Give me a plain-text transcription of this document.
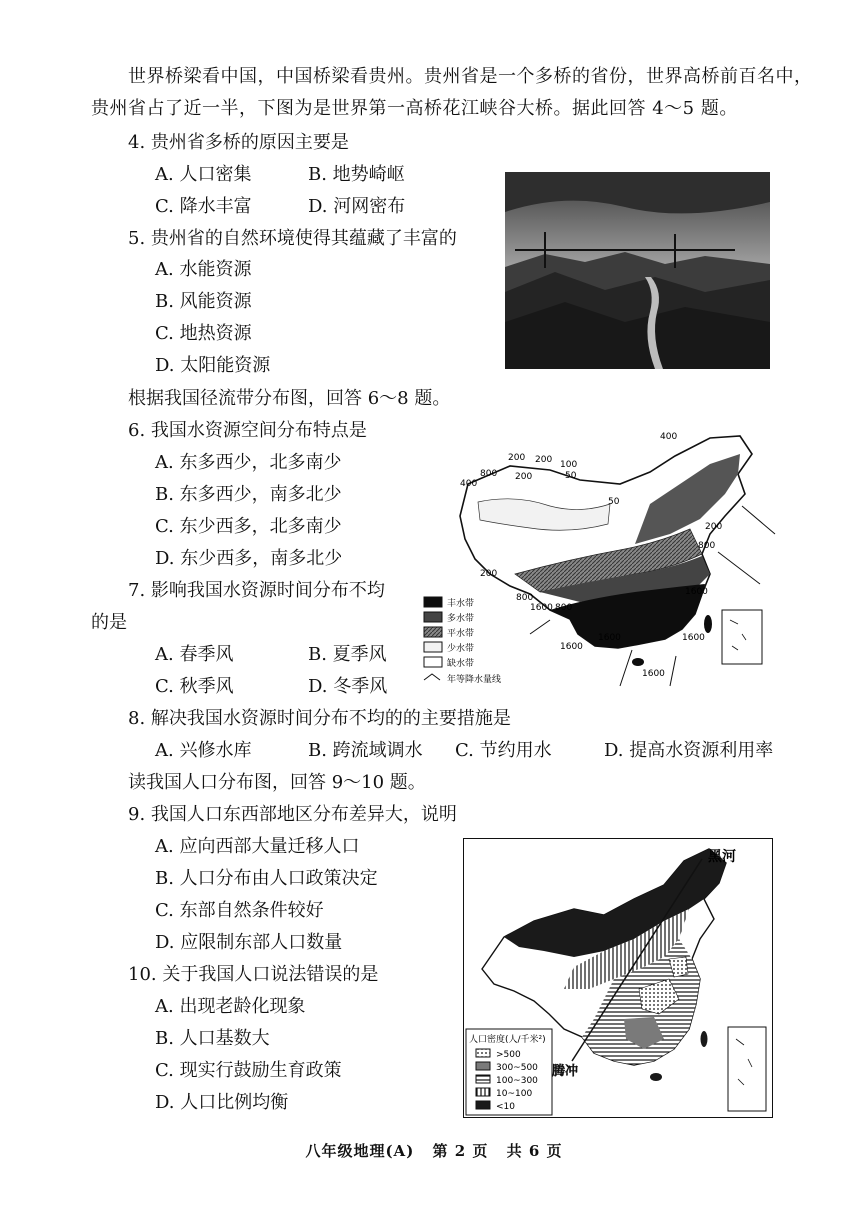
世界桥梁看中国，中国桥梁看贵州。贵州省是一个多桥的省份，世界高桥前百名中，
贵州省占了近一半，下图为是世界第一高桥花江峡谷大桥。据此回答 4～5 题。
4. 贵州省多桥的原因主要是
A. 人口密集	B. 地势崎岖
C. 降水丰富	D. 河网密布
5. 贵州省的自然环境使得其蕴藏了丰富的
A. 水能资源
B. 风能资源
C. 地热资源
D. 太阳能资源
根据我国径流带分布图，回答 6～8 题。
6. 我国水资源空间分布特点是
A. 东多西少，北多南少
B. 东多西少，南多北少
C. 东少西多，北多南少
D. 东少西多，南多北少
7. 影响我国水资源时间分布不均
的是
A. 春季风	B. 夏季风
C. 秋季风	D. 冬季风
400
200
800
100
50
200
400
200
50
200
800
1600 800
1600
1600	1600
1600
800
200
1600
丰水带
多水带
平水带
少水带
缺水带
年等降水量线
8. 解决我国水资源时间分布不均的的主要措施是
A. 兴修水库	B. 跨流域调水 C. 节约用水	D. 提高水资源利用率
读我国人口分布图，回答 9～10 题。
9. 我国人口东西部地区分布差异大，说明
A. 应向西部大量迁移人口
B. 人口分布由人口政策决定
C. 东部自然条件较好
D. 应限制东部人口数量
10. 关于我国人口说法错误的是
A. 出现老龄化现象
B. 人口基数大
C. 现实行鼓励生育政策
D. 人口比例均衡
黑河
腾冲
人口密度(人/千米²)
>500
300~500
100~300
10~100
<10
八年级地理(A) 第 2 页 共 6 页
